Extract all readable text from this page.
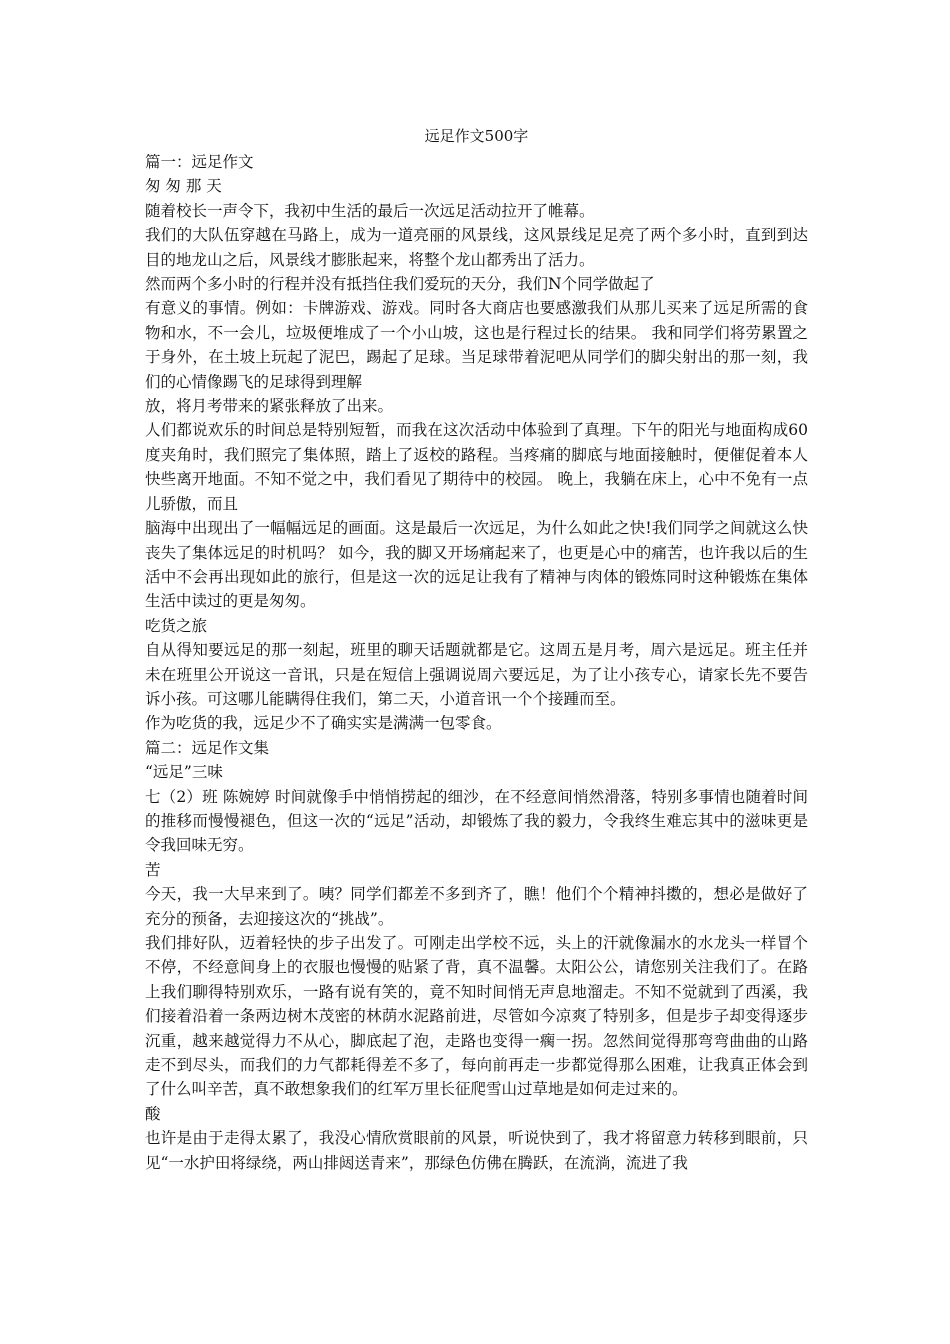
远足作文500字

篇一：远足作文

匆 匆 那 天

随着校长一声令下，我初中生活的最后一次远足活动拉开了帷幕。

我们的大队伍穿越在马路上，成为一道亮丽的风景线，这风景线足足亮了两个多小时，直到到达目的地龙山之后，风景线才膨胀起来，将整个龙山都秀出了活力。

然而两个多小时的行程并没有抵挡住我们爱玩的天分，我们N个同学做起了

有意义的事情。例如：卡牌游戏、游戏。同时各大商店也要感激我们从那儿买来了远足所需的食物和水，不一会儿，垃圾便堆成了一个小山坡，这也是行程过长的结果。 我和同学们将劳累置之于身外，在土坡上玩起了泥巴，踢起了足球。当足球带着泥吧从同学们的脚尖射出的那一刻，我们的心情像踢飞的足球得到理解

放，将月考带来的紧张释放了出来。

人们都说欢乐的时间总是特别短暂，而我在这次活动中体验到了真理。下午的阳光与地面构成60度夹角时，我们照完了集体照，踏上了返校的路程。当疼痛的脚底与地面接触时，便催促着本人快些离开地面。不知不觉之中，我们看见了期待中的校园。 晚上，我躺在床上，心中不免有一点儿骄傲，而且

脑海中出现出了一幅幅远足的画面。这是最后一次远足，为什么如此之快!我们同学之间就这么快丧失了集体远足的时机吗？ 如今，我的脚又开场痛起来了，也更是心中的痛苦，也许我以后的生活中不会再出现如此的旅行，但是这一次的远足让我有了精神与肉体的锻炼同时这种锻炼在集体生活中读过的更是匆匆。

吃货之旅

自从得知要远足的那一刻起，班里的聊天话题就都是它。这周五是月考，周六是远足。班主任并未在班里公开说这一音讯，只是在短信上强调说周六要远足，为了让小孩专心，请家长先不要告诉小孩。可这哪儿能瞒得住我们，第二天，小道音讯一个个接踵而至。

作为吃货的我，远足少不了确实实是满满一包零食。

篇二：远足作文集

“远足”三味

七（2）班 陈婉婷 时间就像手中悄悄捞起的细沙，在不经意间悄然滑落，特别多事情也随着时间的推移而慢慢褪色，但这一次的“远足”活动，却锻炼了我的毅力，令我终生难忘其中的滋味更是令我回味无穷。

苦

今天，我一大早来到了。咦？同学们都差不多到齐了，瞧！他们个个精神抖擞的，想必是做好了充分的预备，去迎接这次的“挑战”。

我们排好队，迈着轻快的步子出发了。可刚走出学校不远，头上的汗就像漏水的水龙头一样冒个不停，不经意间身上的衣服也慢慢的贴紧了背，真不温馨。太阳公公，请您别关注我们了。在路上我们聊得特别欢乐，一路有说有笑的，竟不知时间悄无声息地溜走。不知不觉就到了西溪，我们接着沿着一条两边树木茂密的林荫水泥路前进，尽管如今凉爽了特别多，但是步子却变得逐步沉重，越来越觉得力不从心，脚底起了泡，走路也变得一瘸一拐。忽然间觉得那弯弯曲曲的山路走不到尽头，而我们的力气都耗得差不多了，每向前再走一步都觉得那么困难，让我真正体会到了什么叫辛苦，真不敢想象我们的红军万里长征爬雪山过草地是如何走过来的。

酸

也许是由于走得太累了，我没心情欣赏眼前的风景，听说快到了，我才将留意力转移到眼前，只见“一水护田将绿绕，两山排闼送青来”，那绿色仿佛在腾跃，在流淌，流进了我
